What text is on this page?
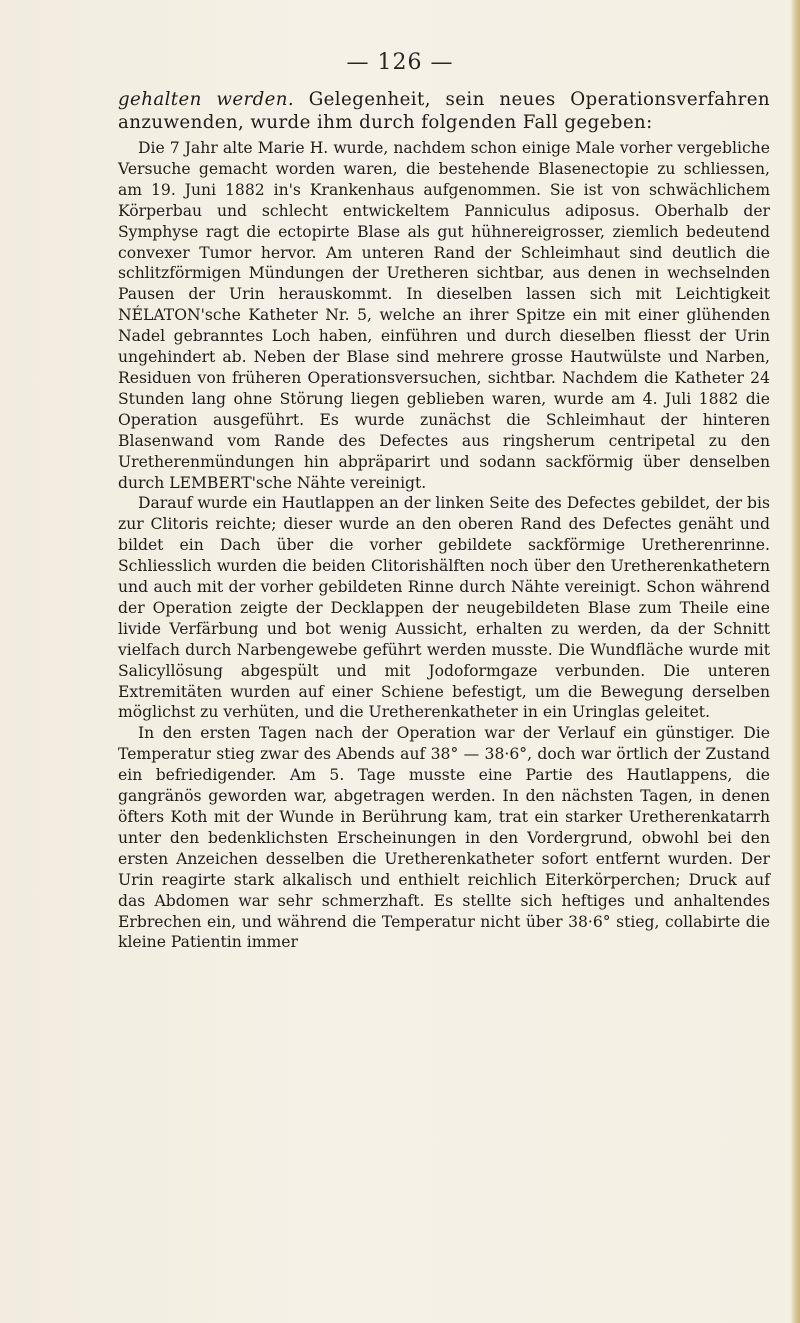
— 126 —

gehalten werden. Gelegenheit, sein neues Operationsverfahren anzuwenden, wurde ihm durch folgenden Fall gegeben:

Die 7 Jahr alte Marie H. wurde, nachdem schon einige Male vorher vergebliche Versuche gemacht worden waren, die bestehende Blasenectopie zu schliessen, am 19. Juni 1882 in's Krankenhaus aufgenommen. Sie ist von schwächlichem Körperbau und schlecht entwickeltem Panniculus adiposus. Oberhalb der Symphyse ragt die ectopirte Blase als gut hühnereigrosser, ziemlich bedeutend convexer Tumor hervor. Am unteren Rand der Schleimhaut sind deutlich die schlitzförmigen Mündungen der Uretheren sichtbar, aus denen in wechselnden Pausen der Urin herauskommt. In dieselben lassen sich mit Leichtigkeit NÉLATON'sche Katheter Nr. 5, welche an ihrer Spitze ein mit einer glühenden Nadel gebranntes Loch haben, einführen und durch dieselben fliesst der Urin ungehindert ab. Neben der Blase sind mehrere grosse Hautwülste und Narben, Residuen von früheren Operationsversuchen, sichtbar. Nachdem die Katheter 24 Stunden lang ohne Störung liegen geblieben waren, wurde am 4. Juli 1882 die Operation ausgeführt. Es wurde zunächst die Schleimhaut der hinteren Blasenwand vom Rande des Defectes aus ringsherum centripetal zu den Uretherenmündungen hin abpräparirt und sodann sackförmig über denselben durch LEMBERT'sche Nähte vereinigt.

Darauf wurde ein Hautlappen an der linken Seite des Defectes gebildet, der bis zur Clitoris reichte; dieser wurde an den oberen Rand des Defectes genäht und bildet ein Dach über die vorher gebildete sackförmige Uretherenrinne. Schliesslich wurden die beiden Clitorishälften noch über den Uretherenkathetern und auch mit der vorher gebildeten Rinne durch Nähte vereinigt. Schon während der Operation zeigte der Decklappen der neugebildeten Blase zum Theile eine livide Verfärbung und bot wenig Aussicht, erhalten zu werden, da der Schnitt vielfach durch Narbengewebe geführt werden musste. Die Wundfläche wurde mit Salicyllösung abgespült und mit Jodoformgaze verbunden. Die unteren Extremitäten wurden auf einer Schiene befestigt, um die Bewegung derselben möglichst zu verhüten, und die Uretherenkatheter in ein Uringlas geleitet.

In den ersten Tagen nach der Operation war der Verlauf ein günstiger. Die Temperatur stieg zwar des Abends auf 38° — 38·6°, doch war örtlich der Zustand ein befriedigender. Am 5. Tage musste eine Partie des Hautlappens, die gangränös geworden war, abgetragen werden. In den nächsten Tagen, in denen öfters Koth mit der Wunde in Berührung kam, trat ein starker Uretherenkatarrh unter den bedenklichsten Erscheinungen in den Vordergrund, obwohl bei den ersten Anzeichen desselben die Uretherenkatheter sofort entfernt wurden. Der Urin reagirte stark alkalisch und enthielt reichlich Eiterkörperchen; Druck auf das Abdomen war sehr schmerzhaft. Es stellte sich heftiges und anhaltendes Erbrechen ein, und während die Temperatur nicht über 38·6° stieg, collabirte die kleine Patientin immer
